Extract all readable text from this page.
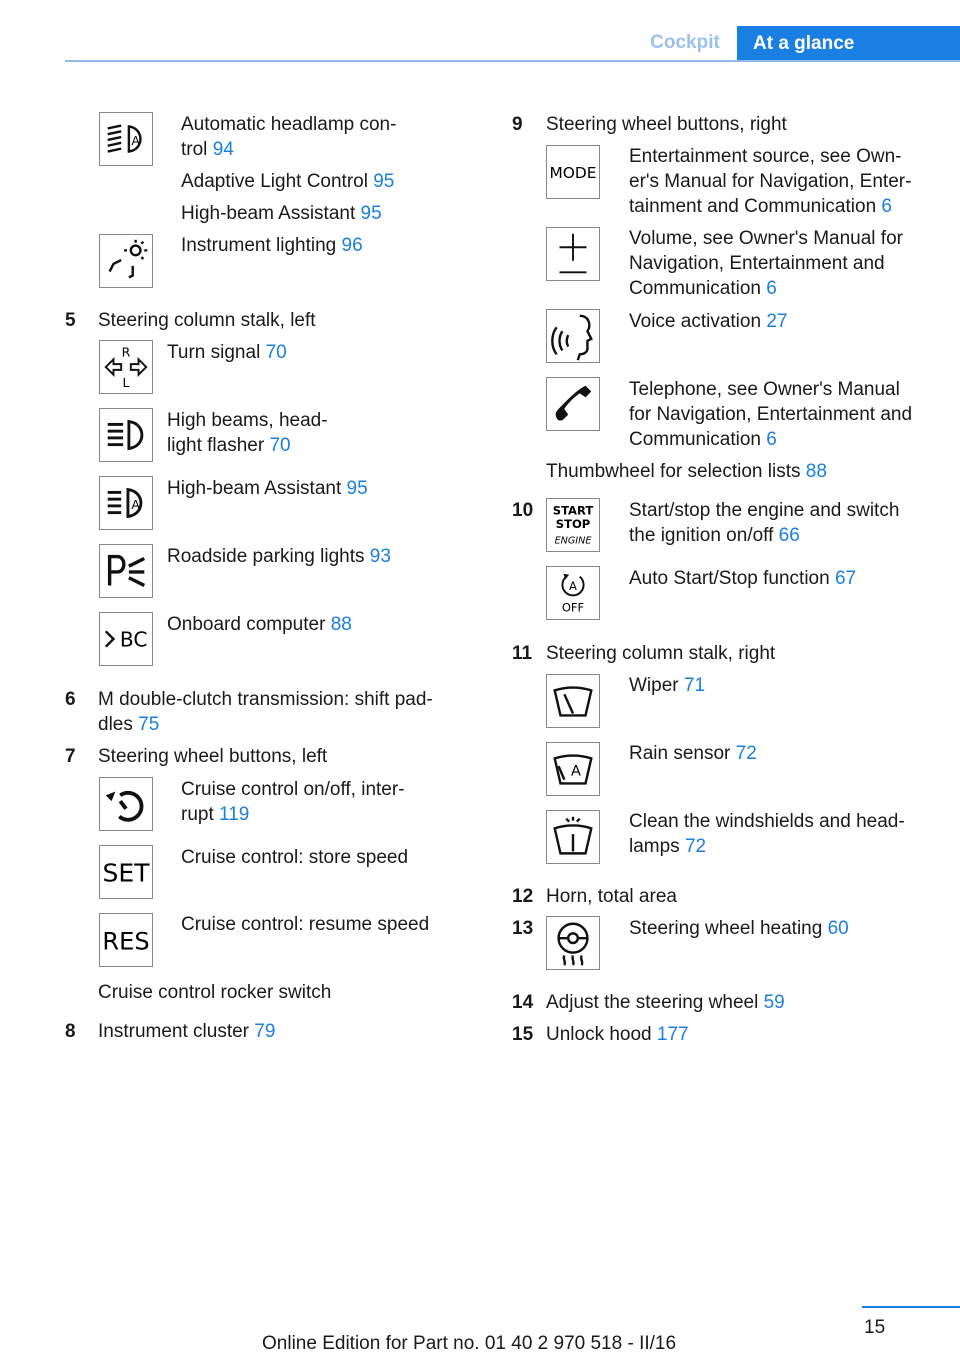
Cockpit	At a glance
A
Automatic headlamp con-
trol 94
Adaptive Light Control 95
High-beam Assistant 95
Instrument lighting 96
5 Steering column stalk, left
R
L
Turn signal 70
High beams, head-
light flasher 70
A
High-beam Assistant 95
Roadside parking lights 93
BC
Onboard computer 88
6 M double-clutch transmission: shift pad-
dles 75
7 Steering wheel buttons, left
Cruise control on/off, inter-
rupt 119
SET
Cruise control: store speed
RES
Cruise control: resume speed
Cruise control rocker switch
8 Instrument cluster 79
9 Steering wheel buttons, right
MODE
Entertainment source, see Own-
er's Manual for Navigation, Enter-
tainment and Communication 6
Volume, see Owner's Manual for
Navigation, Entertainment and
Communication 6
Voice activation 27
Telephone, see Owner's Manual
for Navigation, Entertainment and
Communication 6
Thumbwheel for selection lists 88
10 START
STOP
ENGINE
Start/stop the engine and switch
the ignition on/off 66
A
OFF
Auto Start/Stop function 67
11 Steering column stalk, right
Wiper 71
A
Rain sensor 72
Clean the windshields and head-
lamps 72
12 Horn, total area
13	Steering wheel heating 60
14 Adjust the steering wheel 59
15 Unlock hood 177
15
Online Edition for Part no. 01 40 2 970 518 - II/16
